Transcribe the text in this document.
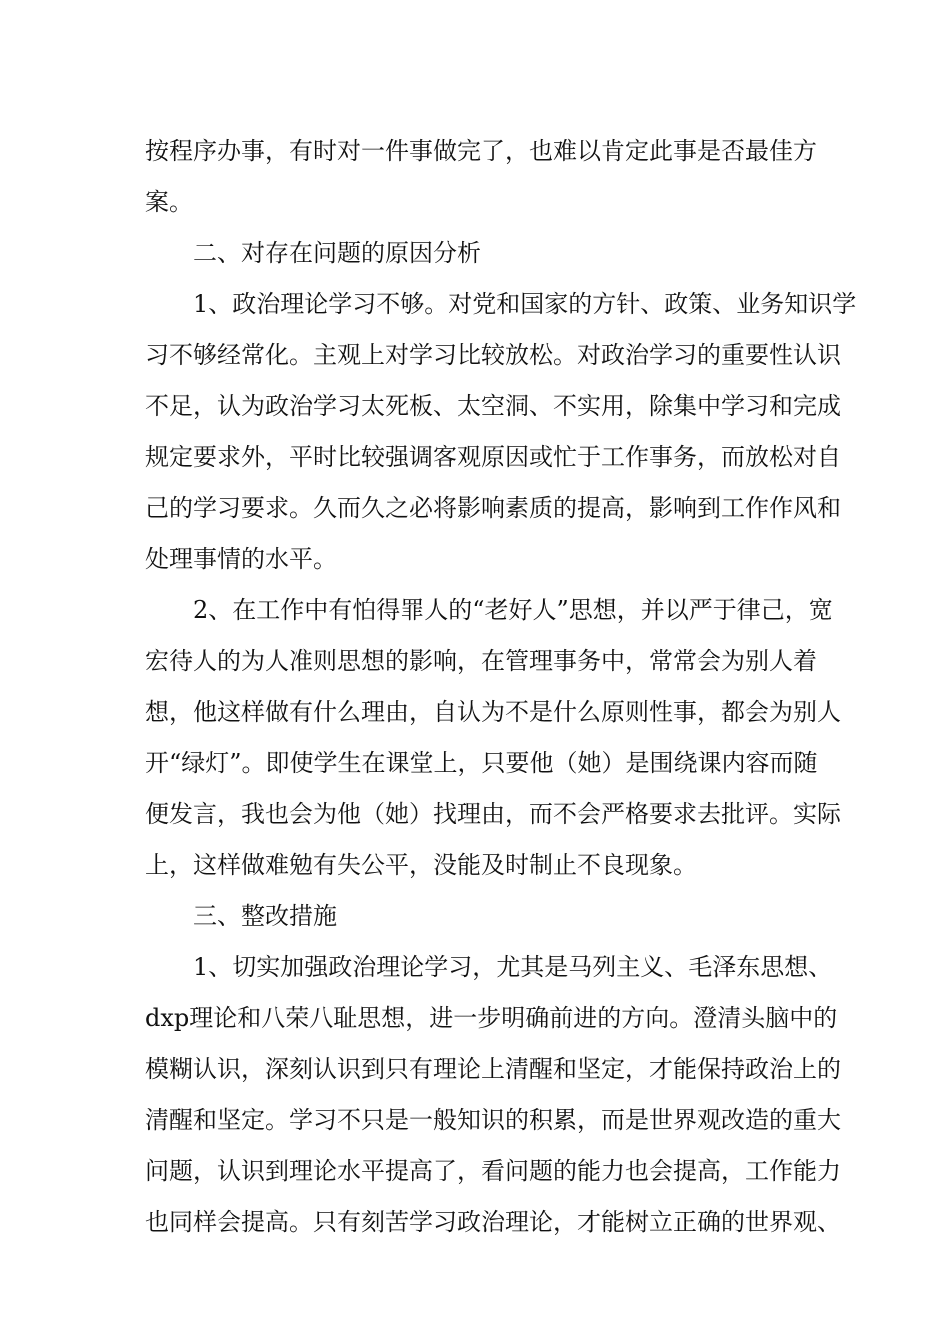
按程序办事，有时对一件事做完了，也难以肯定此事是否最佳方
案。
二、对存在问题的原因分析
1、政治理论学习不够。对党和国家的方针、政策、业务知识学
习不够经常化。主观上对学习比较放松。对政治学习的重要性认识
不足，认为政治学习太死板、太空洞、不实用，除集中学习和完成
规定要求外，平时比较强调客观原因或忙于工作事务，而放松对自
己的学习要求。久而久之必将影响素质的提高，影响到工作作风和
处理事情的水平。
2、在工作中有怕得罪人的“老好人”思想，并以严于律己，宽
宏待人的为人准则思想的影响，在管理事务中，常常会为别人着
想，他这样做有什么理由，自认为不是什么原则性事，都会为别人
开“绿灯”。即使学生在课堂上，只要他（她）是围绕课内容而随
便发言，我也会为他（她）找理由，而不会严格要求去批评。实际
上，这样做难勉有失公平，没能及时制止不良现象。
三、整改措施
1、切实加强政治理论学习，尤其是马列主义、毛泽东思想、
dxp理论和八荣八耻思想，进一步明确前进的方向。澄清头脑中的
模糊认识，深刻认识到只有理论上清醒和坚定，才能保持政治上的
清醒和坚定。学习不只是一般知识的积累，而是世界观改造的重大
问题，认识到理论水平提高了，看问题的能力也会提高，工作能力
也同样会提高。只有刻苦学习政治理论，才能树立正确的世界观、
